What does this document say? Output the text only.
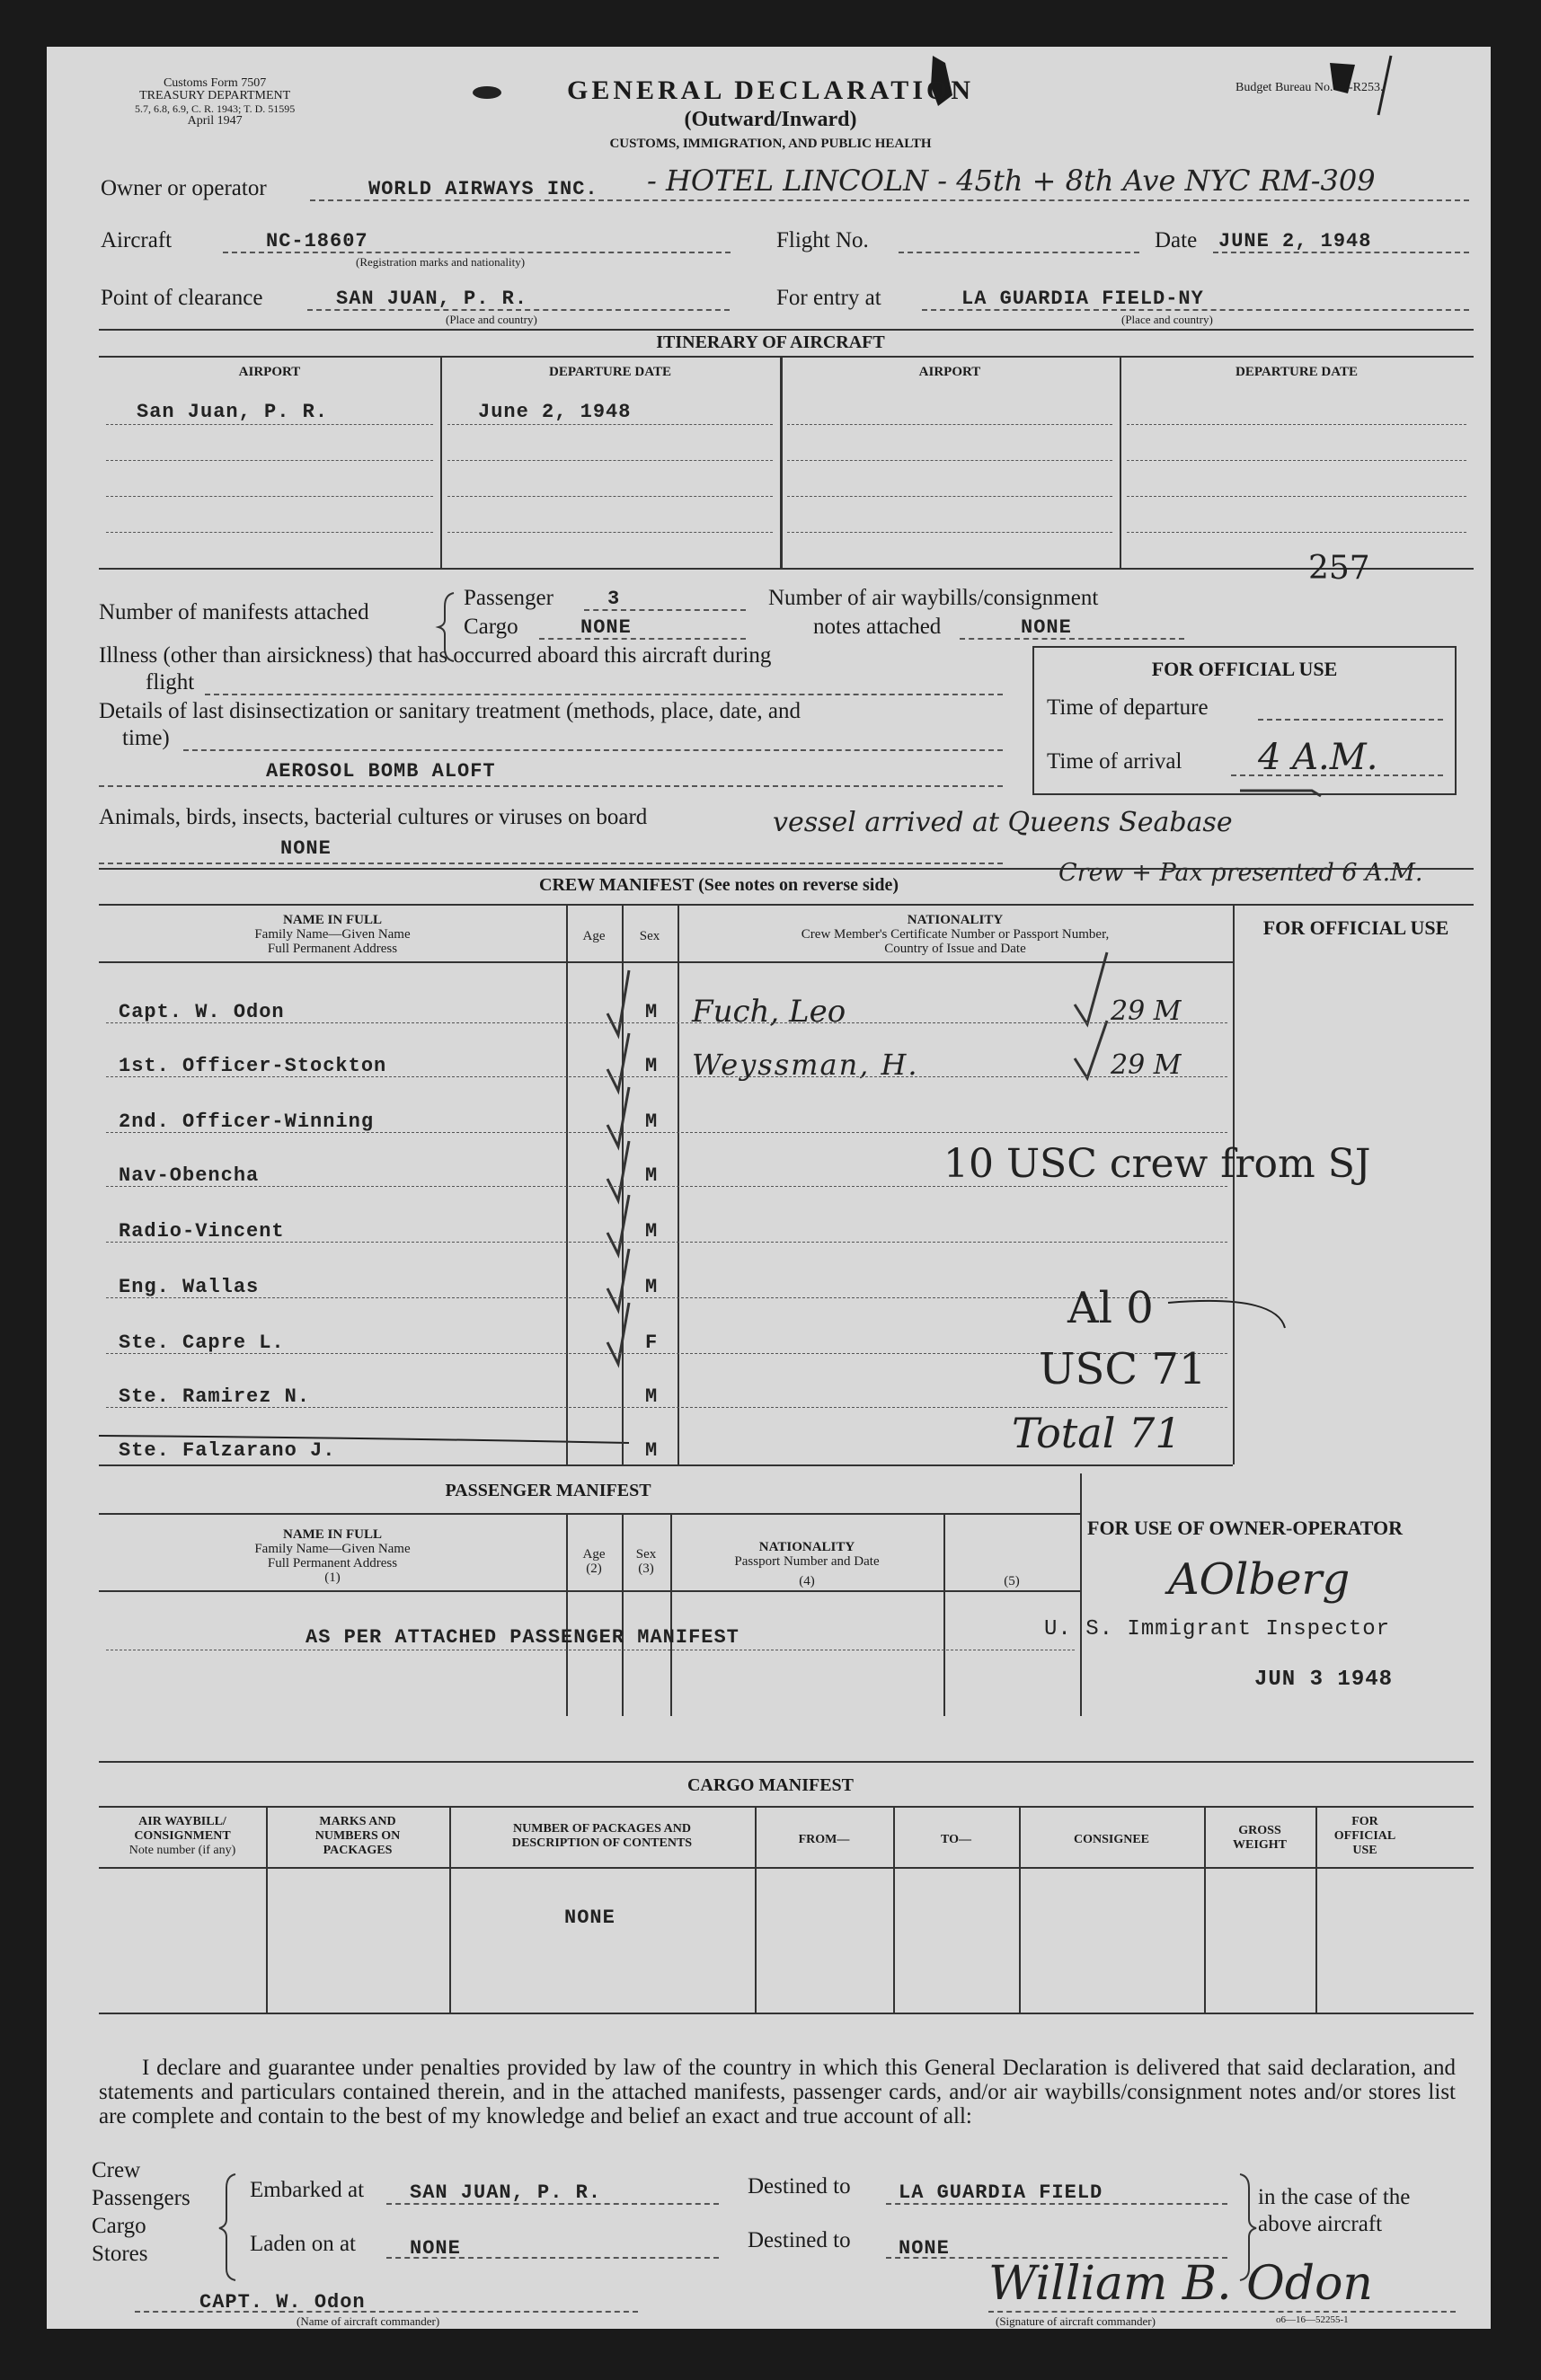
Customs Form 7507
TREASURY DEPARTMENT
5.7, 6.8, 6.9, C. R. 1943; T. D. 51595
April 1947
Budget Bureau No. 48-R253.
GENERAL DECLARATION
(Outward/Inward)
CUSTOMS, IMMIGRATION, AND PUBLIC HEALTH
Owner or operator	WORLD AIRWAYS INC. - HOTEL LINCOLN - 45th + 8th Ave NYC RM-309
Aircraft	NC-18607
(Registration marks and nationality)
Flight No.	Date JUNE 2, 1948
Point of clearance	SAN JUAN, P. R.
(Place and country)
For entry at	LA GUARDIA FIELD-NY
(Place and country)
ITINERARY OF AIRCRAFT
AIRPORT	DEPARTURE DATE	AIRPORT	DEPARTURE DATE
San Juan, P. R.	June 2, 1948
257
Number of manifests attached
Passenger	3
Cargo	NONE
Number of air waybills/consignment
notes attached	NONE
Illness (other than airsickness) that has occurred aboard this aircraft during
flight
Details of last disinsectization or sanitary treatment (methods, place, date, and
time)
AEROSOL BOMB ALOFT
FOR OFFICIAL USE
Time of departure
Time of arrival 4 A.M.
Animals, birds, insects, bacterial cultures or viruses on board
NONE
vessel arrived at Queens Seabase
Crew + Pax presented 6 A.M.
CREW MANIFEST (See notes on reverse side)
NAME IN FULL
Family Name—Given Name
Full Permanent Address
Age	Sex
NATIONALITY
Crew Member's Certificate Number or Passport Number,
Country of Issue and Date
FOR OFFICIAL USE
Capt. W. Odon	M Fuch, Leo	29 M
1st. Officer-Stockton	M Weyssman, H.	29 M
2nd. Officer-Winning	M
Nav-Obencha	M
Radio-Vincent	M
Eng. Wallas	M
Ste. Capre L.	F
Ste. Ramirez N.	M
Ste. Falzarano J.	M
10 USC crew from SJ
Al 0
USC 71
Total 71
PASSENGER MANIFEST
NAME IN FULL
Family Name—Given Name
Full Permanent Address
(1)
Age
(2)
Sex
(3)
NATIONALITY
Passport Number and Date
(4)	(5)
AS PER ATTACHED PASSENGER MANIFEST
FOR USE OF OWNER-OPERATOR
AOlberg
U. S. Immigrant Inspector
JUN 3 1948
CARGO MANIFEST
AIR WAYBILL/
CONSIGNMENT
Note number (if any)
MARKS AND
NUMBERS ON
PACKAGES
NUMBER OF PACKAGES AND
DESCRIPTION OF CONTENTS	FROM—	TO—	CONSIGNEE
GROSS
WEIGHT
FOR
OFFICIAL
USE
NONE
I declare and guarantee under penalties provided by law of the country in which this General Declaration is delivered that said declaration, and statements and particulars contained therein, and in the attached manifests, passenger cards, and/or air waybills/consignment notes and/or stores list are complete and contain to the best of my knowledge and belief an exact and true account of all:
Crew
Passengers
Cargo
Stores
Embarked at SAN JUAN, P. R.	Destined to LA GUARDIA FIELD
Laden on at	NONE	Destined to NONE
in the case of the
above aircraft
CAPT. W. Odon
(Name of aircraft commander)
William B. Odon
(Signature of aircraft commander)	o6—16—52255-1
